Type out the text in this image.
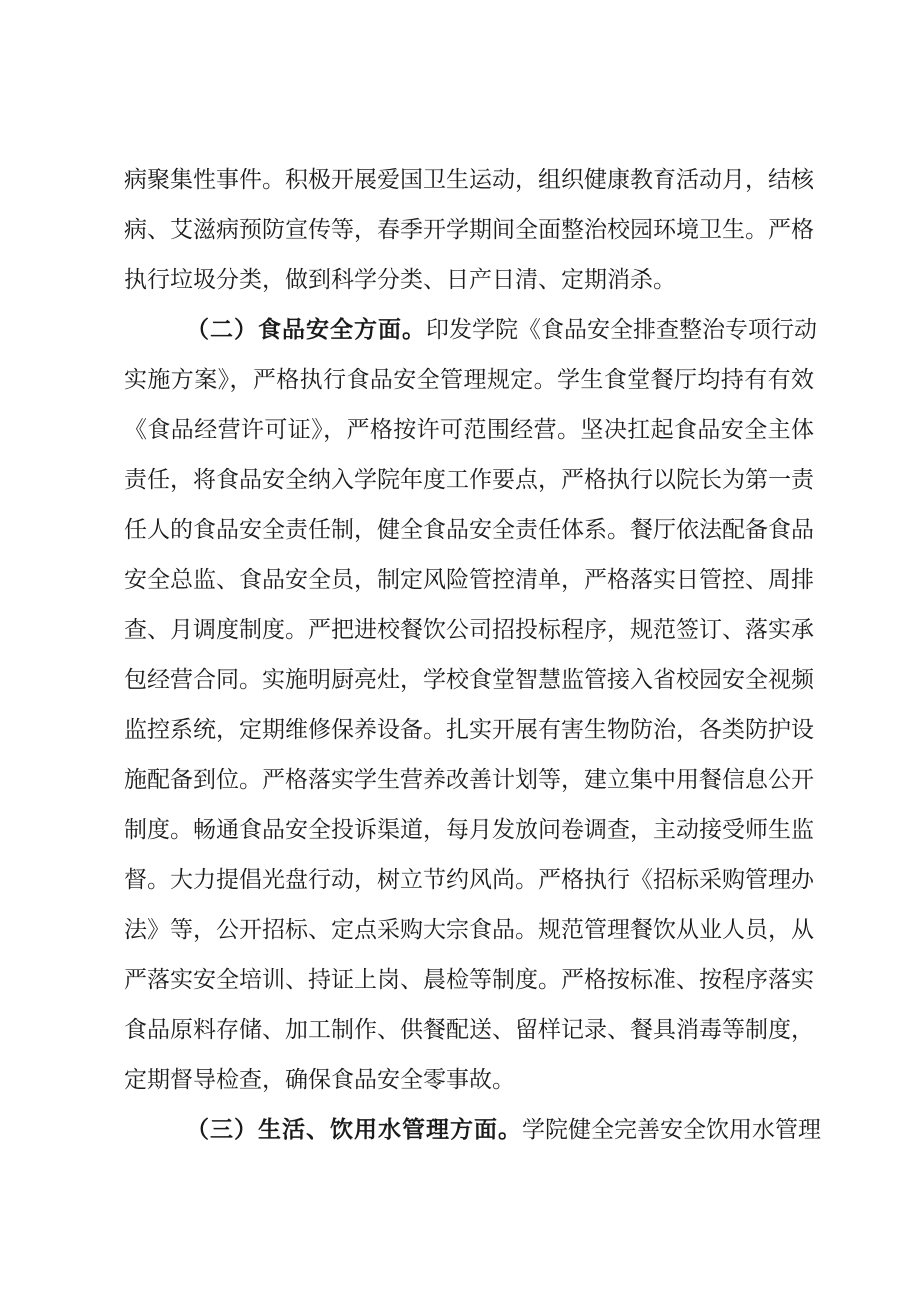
病聚集性事件。积极开展爱国卫生运动，组织健康教育活动月，结核
病、艾滋病预防宣传等，春季开学期间全面整治校园环境卫生。严格
执行垃圾分类，做到科学分类、日产日清、定期消杀。
（二）食品安全方面。印发学院《食品安全排查整治专项行动
实施方案》，严格执行食品安全管理规定。学生食堂餐厅均持有有效
《食品经营许可证》，严格按许可范围经营。坚决扛起食品安全主体
责任，将食品安全纳入学院年度工作要点，严格执行以院长为第一责
任人的食品安全责任制，健全食品安全责任体系。餐厅依法配备食品
安全总监、食品安全员，制定风险管控清单，严格落实日管控、周排
查、月调度制度。严把进校餐饮公司招投标程序，规范签订、落实承
包经营合同。实施明厨亮灶，学校食堂智慧监管接入省校园安全视频
监控系统，定期维修保养设备。扎实开展有害生物防治，各类防护设
施配备到位。严格落实学生营养改善计划等，建立集中用餐信息公开
制度。畅通食品安全投诉渠道，每月发放问卷调查，主动接受师生监
督。大力提倡光盘行动，树立节约风尚。严格执行《招标采购管理办
法》等，公开招标、定点采购大宗食品。规范管理餐饮从业人员，从
严落实安全培训、持证上岗、晨检等制度。严格按标准、按程序落实
食品原料存储、加工制作、供餐配送、留样记录、餐具消毒等制度，
定期督导检查，确保食品安全零事故。
（三）生活、饮用水管理方面。学院健全完善安全饮用水管理
